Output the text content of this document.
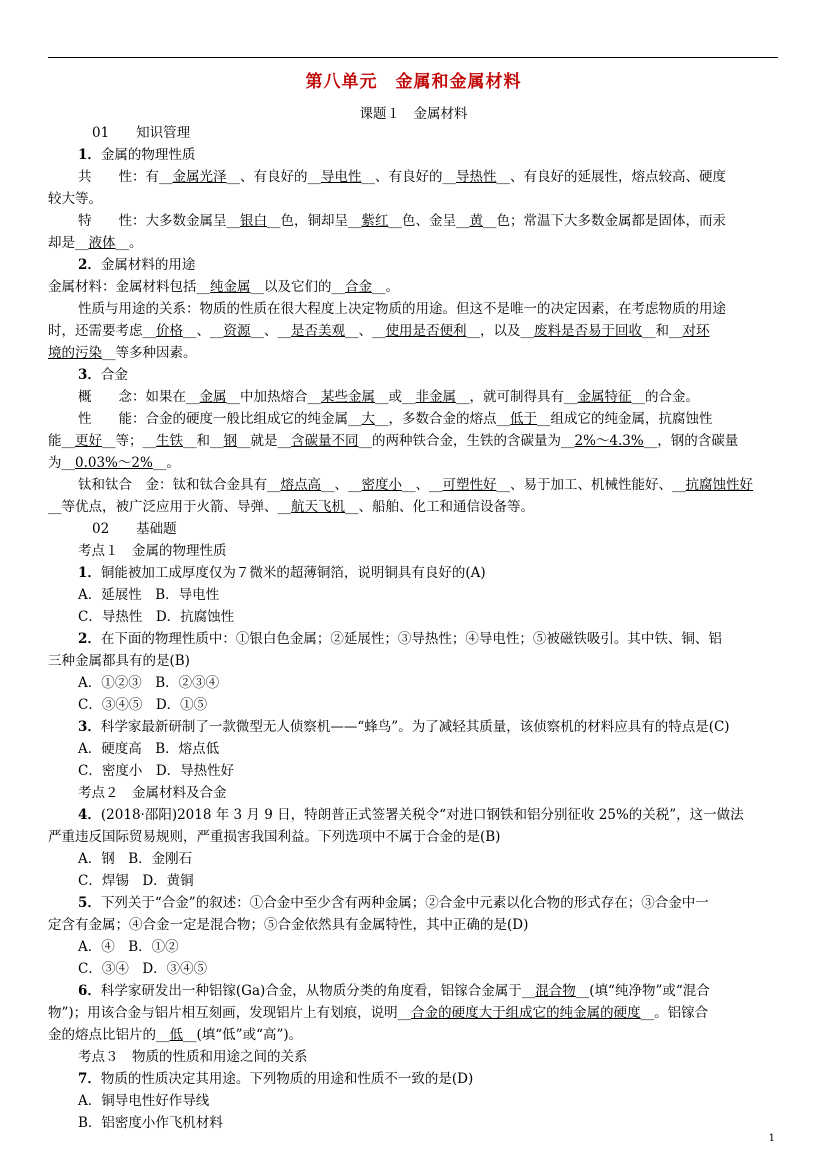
第八单元　金属和金属材料
课题１　金属材料
01　　知识管理
1．金属的物理性质
共　　性：有__金属光泽__、有良好的__导电性__、有良好的__导热性__、有良好的延展性，熔点较高、硬度
较大等。
特　　性：大多数金属呈__银白__色，铜却呈__紫红__色、金呈__黄__色；常温下大多数金属都是固体，而汞
却是__液体__。
2．金属材料的用途
金属材料：金属材料包括__纯金属__以及它们的__合金__。
性质与用途的关系：物质的性质在很大程度上决定物质的用途。但这不是唯一的决定因素，在考虑物质的用途
时，还需要考虑__价格__、__资源__、__是否美观__、__使用是否便利__，以及__废料是否易于回收__和__对环
境的污染__等多种因素。
3．合金
概　　念：如果在__金属__中加热熔合__某些金属__或__非金属__，就可制得具有__金属特征__的合金。
性　　能：合金的硬度一般比组成它的纯金属__大__，多数合金的熔点__低于__组成它的纯金属，抗腐蚀性
能__更好__等；__生铁__和__钢__就是__含碳量不同__的两种铁合金，生铁的含碳量为__2%～4.3%__，钢的含碳量
为__0.03%～2%__。
钛和钛合　金：钛和钛合金具有__熔点高__、__密度小__、__可塑性好__、易于加工、机械性能好、__抗腐蚀性好
__等优点，被广泛应用于火箭、导弹、__航天飞机__、船舶、化工和通信设备等。
02　　基础题
考点１　金属的物理性质
1．铜能被加工成厚度仅为７微米的超薄铜箔，说明铜具有良好的(A)
A．延展性　B．导电性
C．导热性　D．抗腐蚀性
2．在下面的物理性质中：①银白色金属；②延展性；③导热性；④导电性；⑤被磁铁吸引。其中铁、铜、铝
三种金属都具有的是(B)
A．①②③　B．②③④
C．③④⑤　D．①⑤
3．科学家最新研制了一款微型无人侦察机——“蜂鸟”。为了减轻其质量，该侦察机的材料应具有的特点是(C)
A．硬度高　B．熔点低
C．密度小　D．导热性好
考点２　金属材料及合金
4．(2018·邵阳)2018 年 3 月 9 日，特朗普正式签署关税令“对进口钢铁和铝分别征收 25%的关税”，这一做法
严重违反国际贸易规则，严重损害我国利益。下列选项中不属于合金的是(B)
A．钢　B．金刚石
C．焊锡　D．黄铜
5．下列关于“合金”的叙述：①合金中至少含有两种金属；②合金中元素以化合物的形式存在；③合金中一
定含有金属；④合金一定是混合物；⑤合金依然具有金属特性，其中正确的是(D)
A．④　B．①②
C．③④　D．③④⑤
6．科学家研发出一种铝镓(Ga)合金，从物质分类的角度看，铝镓合金属于__混合物__(填“纯净物”或“混合
物”)；用该合金与铝片相互刻画，发现铝片上有划痕，说明__合金的硬度大于组成它的纯金属的硬度__。铝镓合
金的熔点比铝片的__低__(填“低”或“高”)。
考点３　物质的性质和用途之间的关系
7．物质的性质决定其用途。下列物质的用途和性质不一致的是(D)
A．铜导电性好作导线
B．铝密度小作飞机材料
1
